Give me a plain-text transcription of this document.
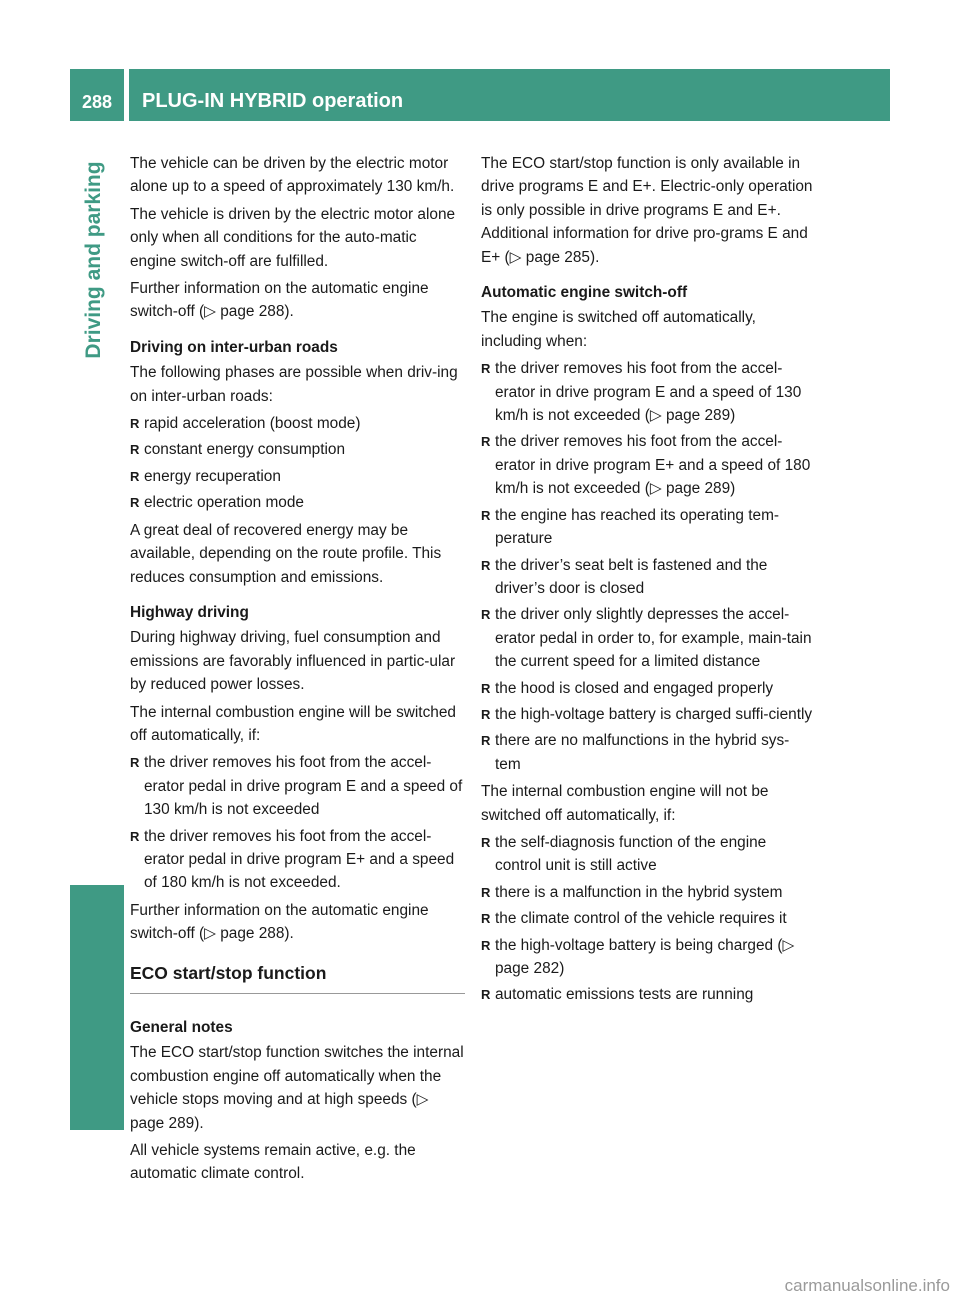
288	PLUG-IN HYBRID operation
Driving and parking The vehicle can be driven by the electric motor alone up to a speed of approximately 130 km/h.

The vehicle is driven by the electric motor alone only when all conditions for the auto-matic engine switch-off are fulfilled.

Further information on the automatic engine switch-off (▷ page 288).

Driving on inter-urban roads

The following phases are possible when driv-ing on inter-urban roads:

R rapid acceleration (boost mode)
R constant energy consumption
R energy recuperation
R electric operation mode

A great deal of recovered energy may be available, depending on the route profile. This reduces consumption and emissions.

Highway driving

During highway driving, fuel consumption and emissions are favorably influenced in partic-ular by reduced power losses.

The internal combustion engine will be switched off automatically, if:

R the driver removes his foot from the accel-erator pedal in drive program E and a speed of 130 km/h is not exceeded
R the driver removes his foot from the accel-erator pedal in drive program E+ and a speed of 180 km/h is not exceeded.

Further information on the automatic engine switch-off (▷ page 288).

ECO start/stop function
General notes

The ECO start/stop function switches the internal combustion engine off automatically when the vehicle stops moving and at high speeds (▷ page 289).

All vehicle systems remain active, e.g. the automatic climate control.

The ECO start/stop function is only available in drive programs E and E+. Electric-only operation is only possible in drive programs E and E+. Additional information for drive pro-grams E and E+ (▷ page 285).

Automatic engine switch-off

The engine is switched off automatically, including when:

R the driver removes his foot from the accel-erator in drive program E and a speed of 130 km/h is not exceeded (▷ page 289)
R the driver removes his foot from the accel-erator in drive program E+ and a speed of 180 km/h is not exceeded (▷ page 289)
R the engine has reached its operating tem-perature
R the driver’s seat belt is fastened and the driver’s door is closed
R the driver only slightly depresses the accel-erator pedal in order to, for example, main-tain the current speed for a limited distance
R the hood is closed and engaged properly
R the high-voltage battery is charged suffi-ciently
R there are no malfunctions in the hybrid sys-tem

The internal combustion engine will not be switched off automatically, if:

R the self-diagnosis function of the engine control unit is still active
R there is a malfunction in the hybrid system
R the climate control of the vehicle requires it
R the high-voltage battery is being charged (▷ page 282)
R automatic emissions tests are running
carmanualsonline.info
